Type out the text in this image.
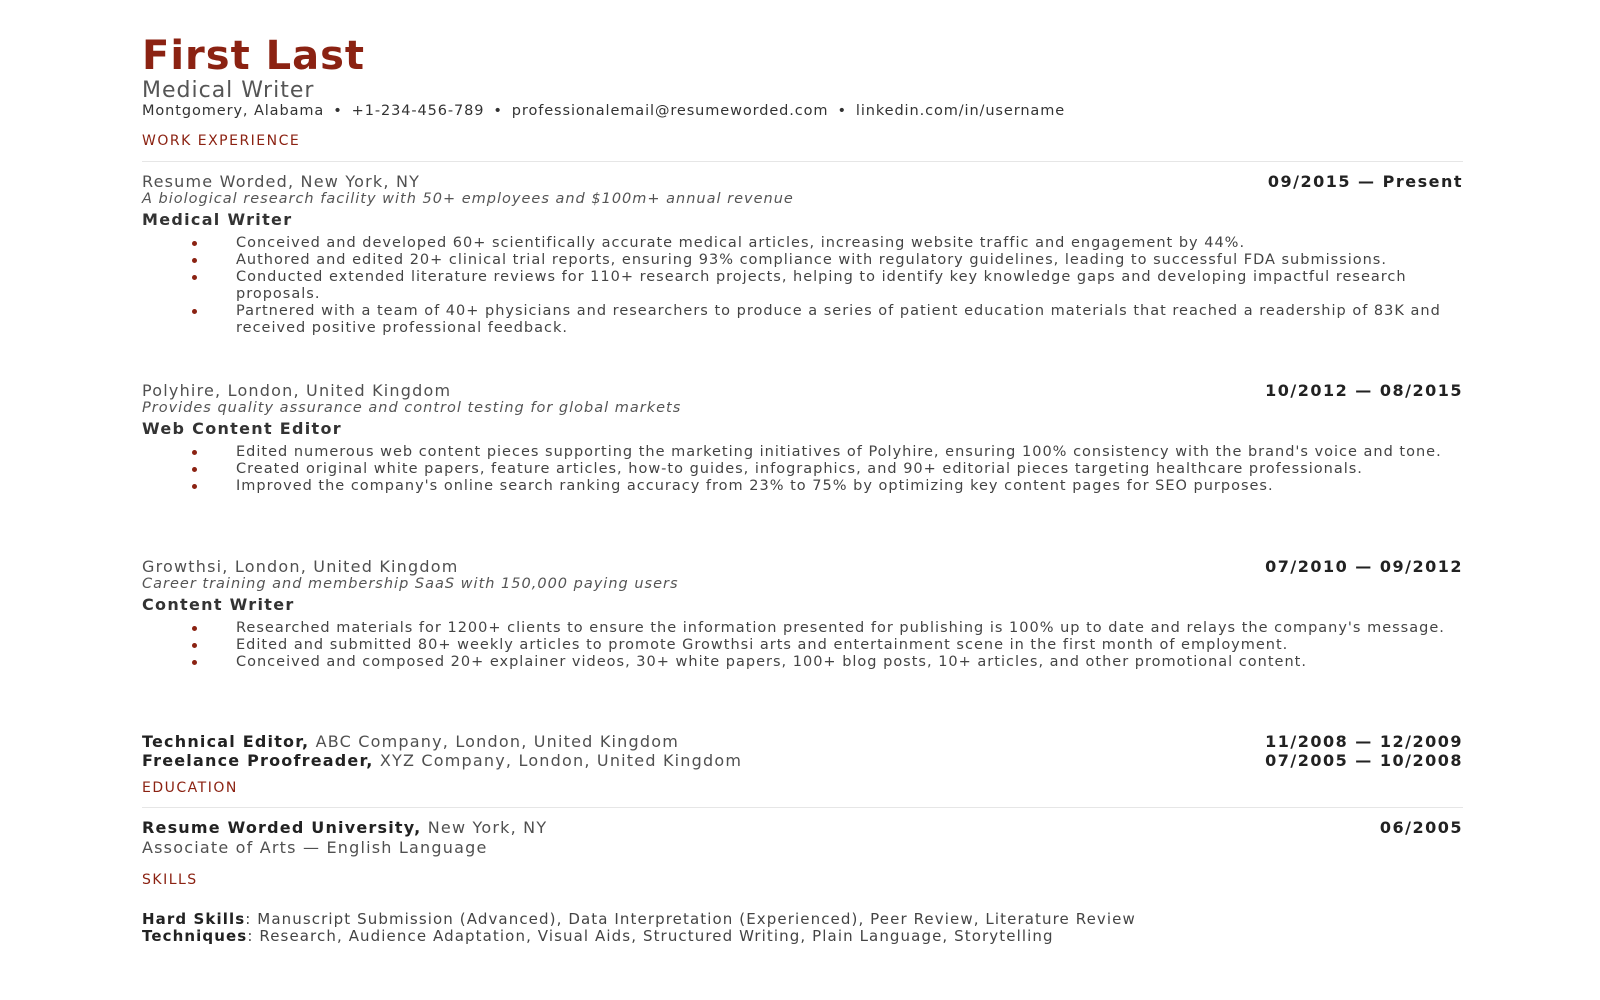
First Last
Medical Writer
Montgomery, Alabama • +1-234-456-789 • professionalemail@resumeworded.com • linkedin.com/in/username
WORK EXPERIENCE
Resume Worded, New York, NY	09/2015 — Present
A biological research facility with 50+ employees and $100m+ annual revenue
Medical Writer
Conceived and developed 60+ scientifically accurate medical articles, increasing website traffic and engagement by 44%.
Authored and edited 20+ clinical trial reports, ensuring 93% compliance with regulatory guidelines, leading to successful FDA submissions.
Conducted extended literature reviews for 110+ research projects, helping to identify key knowledge gaps and developing impactful research proposals.
Partnered with a team of 40+ physicians and researchers to produce a series of patient education materials that reached a readership of 83K and received positive professional feedback.
Polyhire, London, United Kingdom	10/2012 — 08/2015
Provides quality assurance and control testing for global markets
Web Content Editor
Edited numerous web content pieces supporting the marketing initiatives of Polyhire, ensuring 100% consistency with the brand's voice and tone.
Created original white papers, feature articles, how-to guides, infographics, and 90+ editorial pieces targeting healthcare professionals.
Improved the company's online search ranking accuracy from 23% to 75% by optimizing key content pages for SEO purposes.
Growthsi, London, United Kingdom	07/2010 — 09/2012
Career training and membership SaaS with 150,000 paying users
Content Writer
Researched materials for 1200+ clients to ensure the information presented for publishing is 100% up to date and relays the company's message.
Edited and submitted 80+ weekly articles to promote Growthsi arts and entertainment scene in the first month of employment.
Conceived and composed 20+ explainer videos, 30+ white papers, 100+ blog posts, 10+ articles, and other promotional content.
Technical Editor, ABC Company, London, United Kingdom	11/2008 — 12/2009
Freelance Proofreader, XYZ Company, London, United Kingdom	07/2005 — 10/2008
EDUCATION
Resume Worded University, New York, NY	06/2005
Associate of Arts — English Language
SKILLS
Hard Skills: Manuscript Submission (Advanced), Data Interpretation (Experienced), Peer Review, Literature Review
Techniques: Research, Audience Adaptation, Visual Aids, Structured Writing, Plain Language, Storytelling
